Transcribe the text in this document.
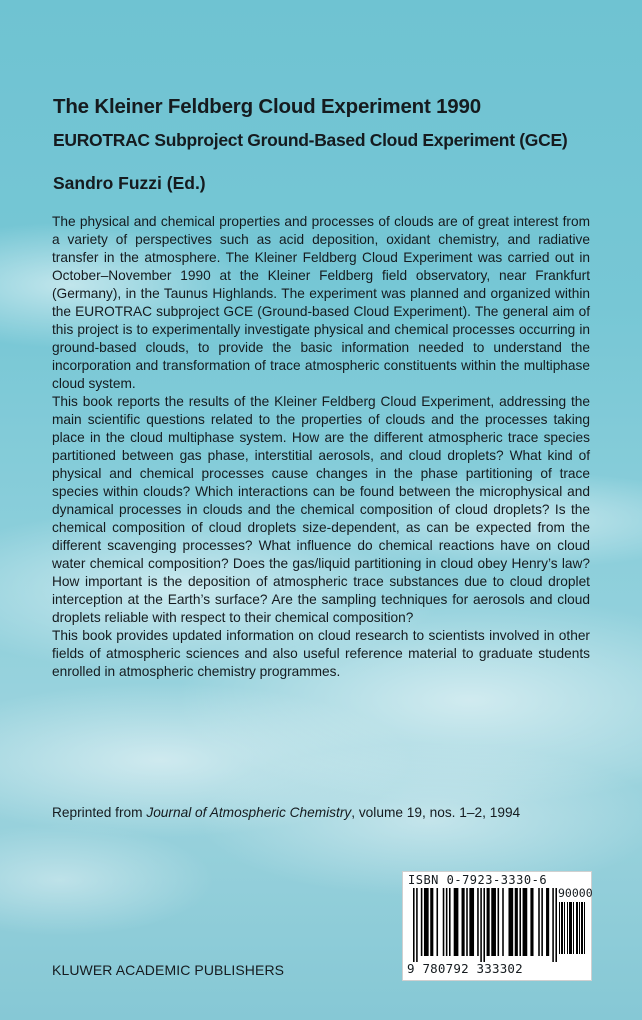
The Kleiner Feldberg Cloud Experiment 1990
EUROTRAC Subproject Ground-Based Cloud Experiment (GCE)
Sandro Fuzzi (Ed.)

The physical and chemical properties and processes of clouds are of great interest from a variety of perspectives such as acid deposition, oxidant chemistry, and radiative transfer in the atmosphere. The Kleiner Feldberg Cloud Experiment was carried out in October–November 1990 at the Kleiner Feldberg field observatory, near Frankfurt (Germany), in the Taunus Highlands. The experiment was planned and organized within the EUROTRAC subproject GCE (Ground-based Cloud Experiment). The general aim of this project is to experimentally investigate physical and chemical processes occurring in ground-based clouds, to provide the basic information needed to understand the incorporation and transformation of trace atmospheric constituents within the multiphase cloud system.

This book reports the results of the Kleiner Feldberg Cloud Experiment, addressing the main scientific questions related to the properties of clouds and the processes taking place in the cloud multiphase system. How are the different atmospheric trace species partitioned between gas phase, interstitial aerosols, and cloud droplets? What kind of physical and chemical processes cause changes in the phase partitioning of trace species within clouds? Which interactions can be found between the microphysical and dynamical processes in clouds and the chemical composition of cloud droplets? Is the chemical composition of cloud droplets size-dependent, as can be expected from the different scavenging processes? What influence do chemical reactions have on cloud water chemical composition? Does the gas/liquid partitioning in cloud obey Henry’s law? How important is the deposition of atmospheric trace substances due to cloud droplet interception at the Earth’s surface? Are the sampling techniques for aerosols and cloud droplets reliable with respect to their chemical composition?

This book provides updated information on cloud research to scientists involved in other fields of atmospheric sciences and also useful reference material to graduate students enrolled in atmospheric chemistry programmes.

Reprinted from Journal of Atmospheric Chemistry, volume 19, nos. 1–2, 1994

KLUWER ACADEMIC PUBLISHERS
ISBN 0-7923-3330-6
90000
9 780792 333302
